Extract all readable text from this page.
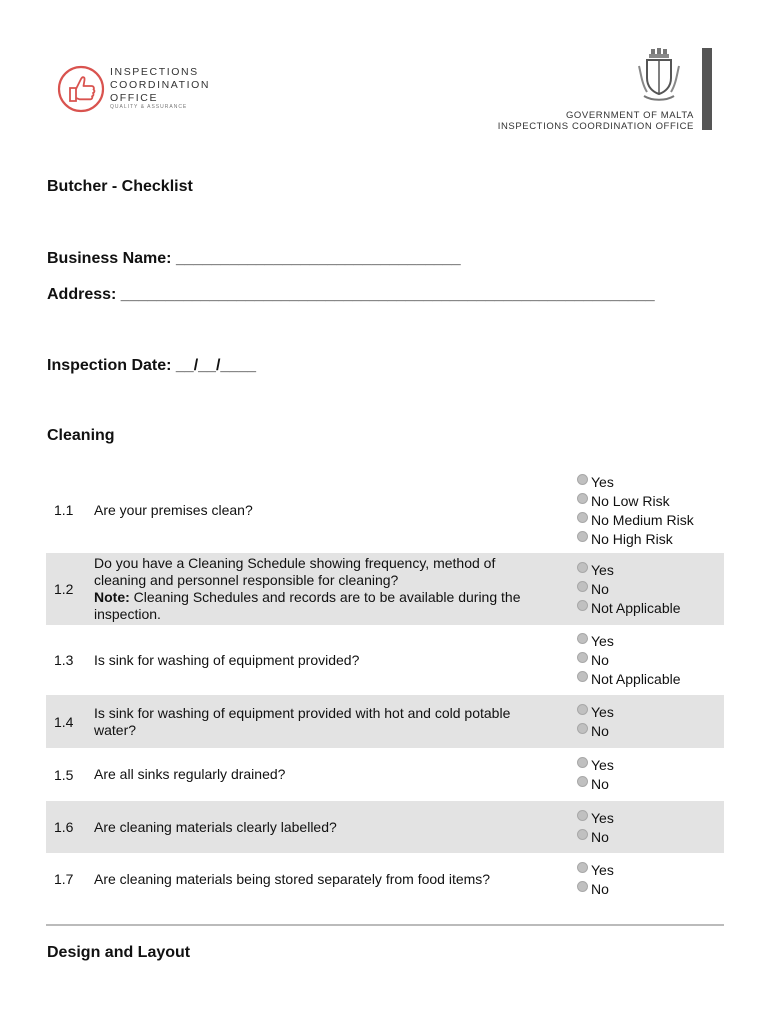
INSPECTIONS
COORDINATION
OFFICE
QUALITY & ASSURANCE
GOVERNMENT OF MALTA
INSPECTIONS COORDINATION OFFICE
Butcher - Checklist
Business Name: ________________________________
Address: ____________________________________________________________
Inspection Date: __/__/____
Cleaning
1.1	Are your premises clean?
Yes
No Low Risk
No Medium Risk
No High Risk
1.2
Do you have a Cleaning Schedule showing frequency, method of cleaning and personnel responsible for cleaning?
Note: Cleaning Schedules and records are to be available during the inspection.
Yes
No
Not Applicable
1.3	Is sink for washing of equipment provided?
Yes
No
Not Applicable
1.4
Is sink for washing of equipment provided with hot and cold potable water?
Yes
No
1.5	Are all sinks regularly drained?
Yes
No
1.6	Are cleaning materials clearly labelled?
Yes
No
1.7	Are cleaning materials being stored separately from food items?
Yes
No
Design and Layout
